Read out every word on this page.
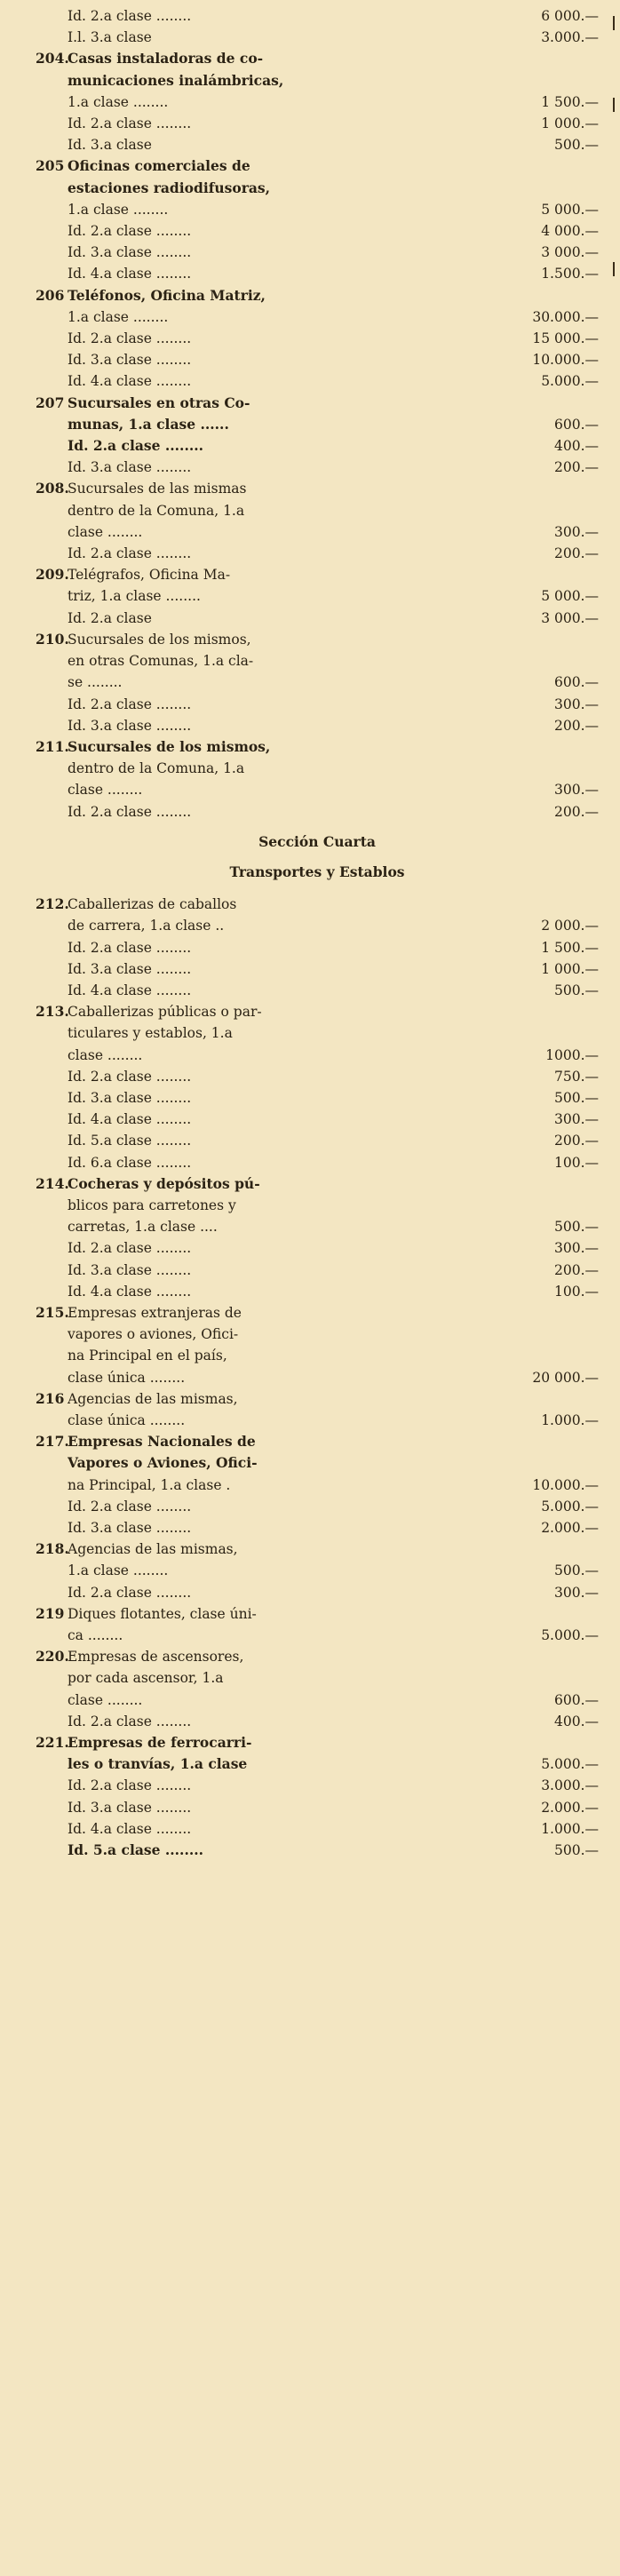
Id. 2.a clase ........	6 000.—
I.l. 3.a clase	3.000.—
204.
Casas instaladoras de co-
municaciones inalámbricas,
1.a clase ........	1 500.—
Id. 2.a clase ........	1 000.—
Id. 3.a clase	500.—
205 Oficinas comerciales de
estaciones radiodifusoras,
1.a clase ........	5 000.—
Id. 2.a clase ........	4 000.—
Id. 3.a clase ........	3 000.—
Id. 4.a clase ........	1.500.—
206 Teléfonos, Oficina Matriz,
1.a clase ........	30.000.—
Id. 2.a clase ........	15 000.—
Id. 3.a clase ........	10.000.—
Id. 4.a clase ........	5.000.—
207 Sucursales en otras Co-
munas, 1.a clase ......	600.—
Id. 2.a clase ........	400.—
Id. 3.a clase ........	200.—
208.
Sucursales de las mismas
dentro de la Comuna, 1.a
clase ........	300.—
Id. 2.a clase ........	200.—
209.
Telégrafos, Oficina Ma-
triz, 1.a clase ........	5 000.—
Id. 2.a clase	3 000.—
210.
Sucursales de los mismos,
en otras Comunas, 1.a cla-
se ........	600.—
Id. 2.a clase ........	300.—
Id. 3.a clase ........	200.—
211.
Sucursales de los mismos,
dentro de la Comuna, 1.a
clase ........	300.—
Id. 2.a clase ........	200.—
Sección Cuarta
Transportes y Establos
212.
Caballerizas de caballos
de carrera, 1.a clase ..	2 000.—
Id. 2.a clase ........	1 500.—
Id. 3.a clase ........	1 000.—
Id. 4.a clase ........	500.—
213.
Caballerizas públicas o par-
ticulares y establos, 1.a
clase ........	1000.—
Id. 2.a clase ........	750.—
Id. 3.a clase ........	500.—
Id. 4.a clase ........	300.—
Id. 5.a clase ........	200.—
Id. 6.a clase ........	100.—
214.
Cocheras y depósitos pú-
blicos para carretones y
carretas, 1.a clase ....	500.—
Id. 2.a clase ........	300.—
Id. 3.a clase ........	200.—
Id. 4.a clase ........	100.—
215.
Empresas extranjeras de
vapores o aviones, Ofici-
na Principal en el país,
clase única ........	20 000.—
216 Agencias de las mismas,
clase única ........	1.000.—
217.
Empresas Nacionales de
Vapores o Aviones, Ofici-
na Principal, 1.a clase .	10.000.—
Id. 2.a clase ........	5.000.—
Id. 3.a clase ........	2.000.—
218.
Agencias de las mismas,
1.a clase ........	500.—
Id. 2.a clase ........	300.—
219 Diques flotantes, clase úni-
ca ........	5.000.—
220.
Empresas de ascensores,
por cada ascensor, 1.a
clase ........	600.—
Id. 2.a clase ........	400.—
221.
Empresas de ferrocarri-
les o tranvías, 1.a clase	5.000.—
Id. 2.a clase ........	3.000.—
Id. 3.a clase ........	2.000.—
Id. 4.a clase ........	1.000.—
Id. 5.a clase ........	500.—
